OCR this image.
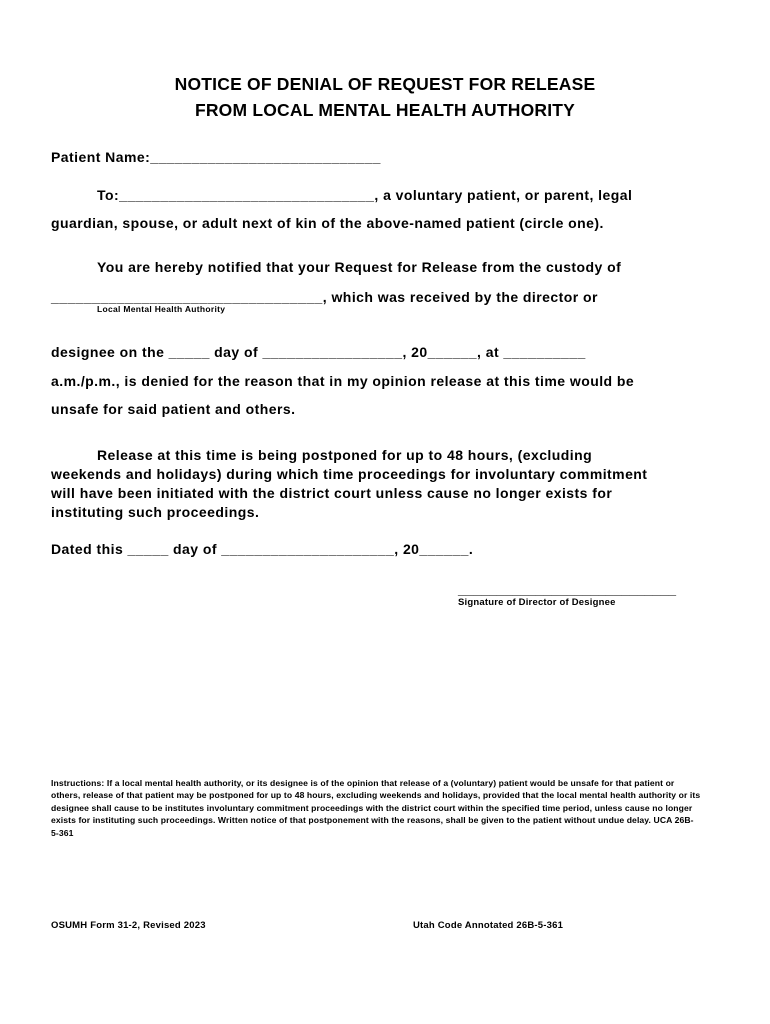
NOTICE OF DENIAL OF REQUEST FOR RELEASE
FROM LOCAL MENTAL HEALTH AUTHORITY
Patient Name:____________________________
To:_______________________________, a voluntary patient, or parent, legal
guardian, spouse, or adult next of kin of the above-named patient (circle one).
You are hereby notified that your Request for Release from the custody of
_________________________________, which was received by the director or
Local Mental Health Authority
designee on the _____ day of _________________, 20______, at __________
a.m./p.m., is denied for the reason that in my opinion release at this time would be
unsafe for said patient and others.
Release at this time is being postponed for up to 48 hours, (excluding
weekends and holidays) during which time proceedings for involuntary commitment
will have been initiated with the district court unless cause no longer exists for
instituting such proceedings.
Dated this _____ day of _____________________, 20______.
____________________________
Signature of Director of Designee
Instructions: If a local mental health authority, or its designee is of the opinion that release of a (voluntary) patient would be unsafe for that patient or others, release of that patient may be postponed for up to 48 hours, excluding weekends and holidays, provided that the local mental health authority or its designee shall cause to be institutes involuntary commitment proceedings with the district court within the specified time period, unless cause no longer exists for instituting such proceedings. Written notice of that postponement with the reasons, shall be given to the patient without undue delay. UCA 26B-5-361
OSUMH Form 31-2, Revised 2023	Utah Code Annotated 26B-5-361
